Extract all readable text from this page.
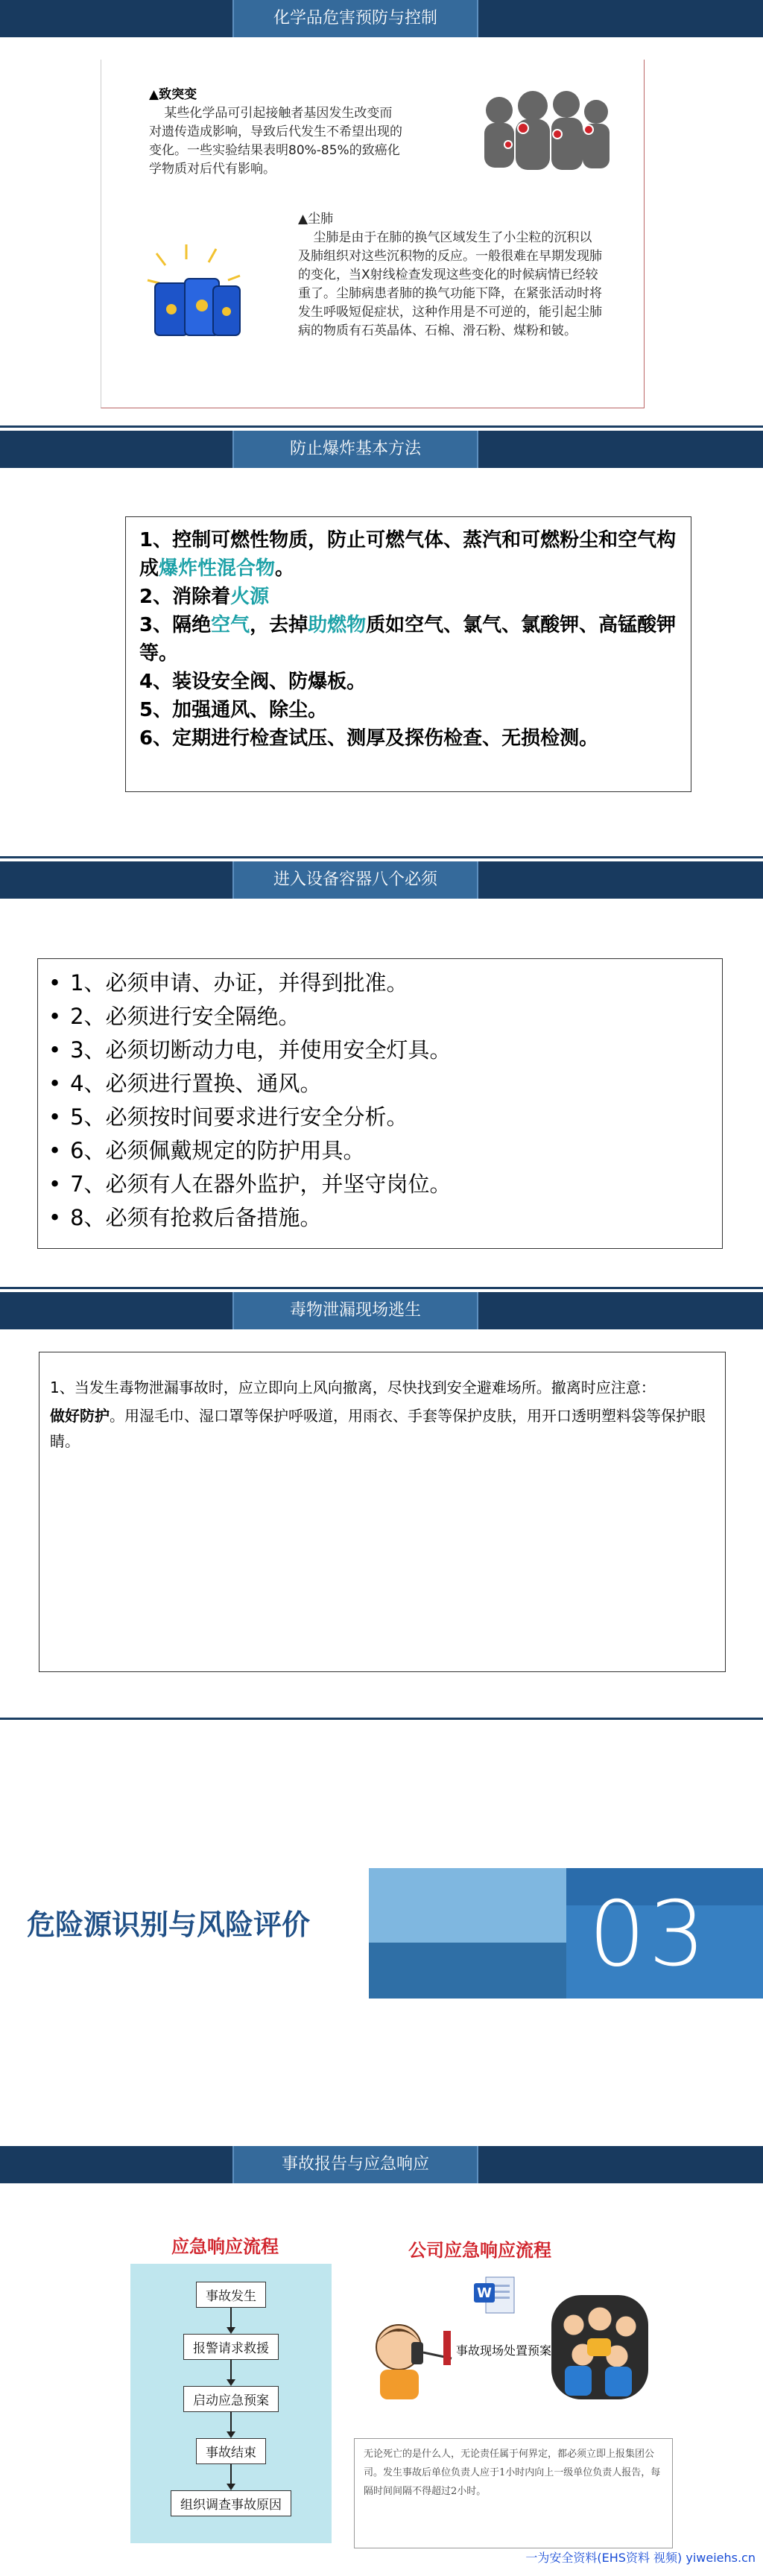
化学品危害预防与控制
▲致突变

某些化学品可引起接触者基因发生改变而对遗传造成影响，导致后代发生不希望出现的变化。一些实验结果表明80%-85%的致癌化学物质对后代有影响。
▲尘肺

尘肺是由于在肺的换气区域发生了小尘粒的沉积以及肺组织对这些沉积物的反应。一般很难在早期发现肺的变化，当X射线检查发现这些变化的时候病情已经较重了。尘肺病患者肺的换气功能下降，在紧张活动时将发生呼吸短促症状，这种作用是不可逆的，能引起尘肺病的物质有石英晶体、石棉、滑石粉、煤粉和铍。
防止爆炸基本方法
1、控制可燃性物质，防止可燃气体、蒸汽和可燃粉尘和空气构成爆炸性混合物。
2、消除着火源
3、隔绝空气，去掉助燃物质如空气、氯气、氯酸钾、高锰酸钾等。
4、装设安全阀、防爆板。
5、加强通风、除尘。
6、定期进行检查试压、测厚及探伤检查、无损检测。
进入设备容器八个必须
• 1、必须申请、办证，并得到批准。
• 2、必须进行安全隔绝。
• 3、必须切断动力电，并使用安全灯具。
• 4、必须进行置换、通风。
• 5、必须按时间要求进行安全分析。
• 6、必须佩戴规定的防护用具。
• 7、必须有人在器外监护，并坚守岗位。
• 8、必须有抢救后备措施。
毒物泄漏现场逃生

1、当发生毒物泄漏事故时，应立即向上风向撤离，尽快找到安全避难场所。撤离时应注意：

做好防护。用湿毛巾、湿口罩等保护呼吸道，用雨衣、手套等保护皮肤，用开口透明塑料袋等保护眼睛。

危险源识别与风险评价	03
事故报告与应急响应
应急响应流程
事故发生
报警请求救援
启动应急预案
事故结束
组织调查事故原因
公司应急响应流程
W
事故现场处置预案
无论死亡的是什么人，无论责任属于何界定，都必须立即上报集团公司。发生事故后单位负责人应于1小时内向上一级单位负责人报告，每隔时间间隔不得超过2小时。
一为安全资料(EHS资料 视频) yiweiehs.cn
